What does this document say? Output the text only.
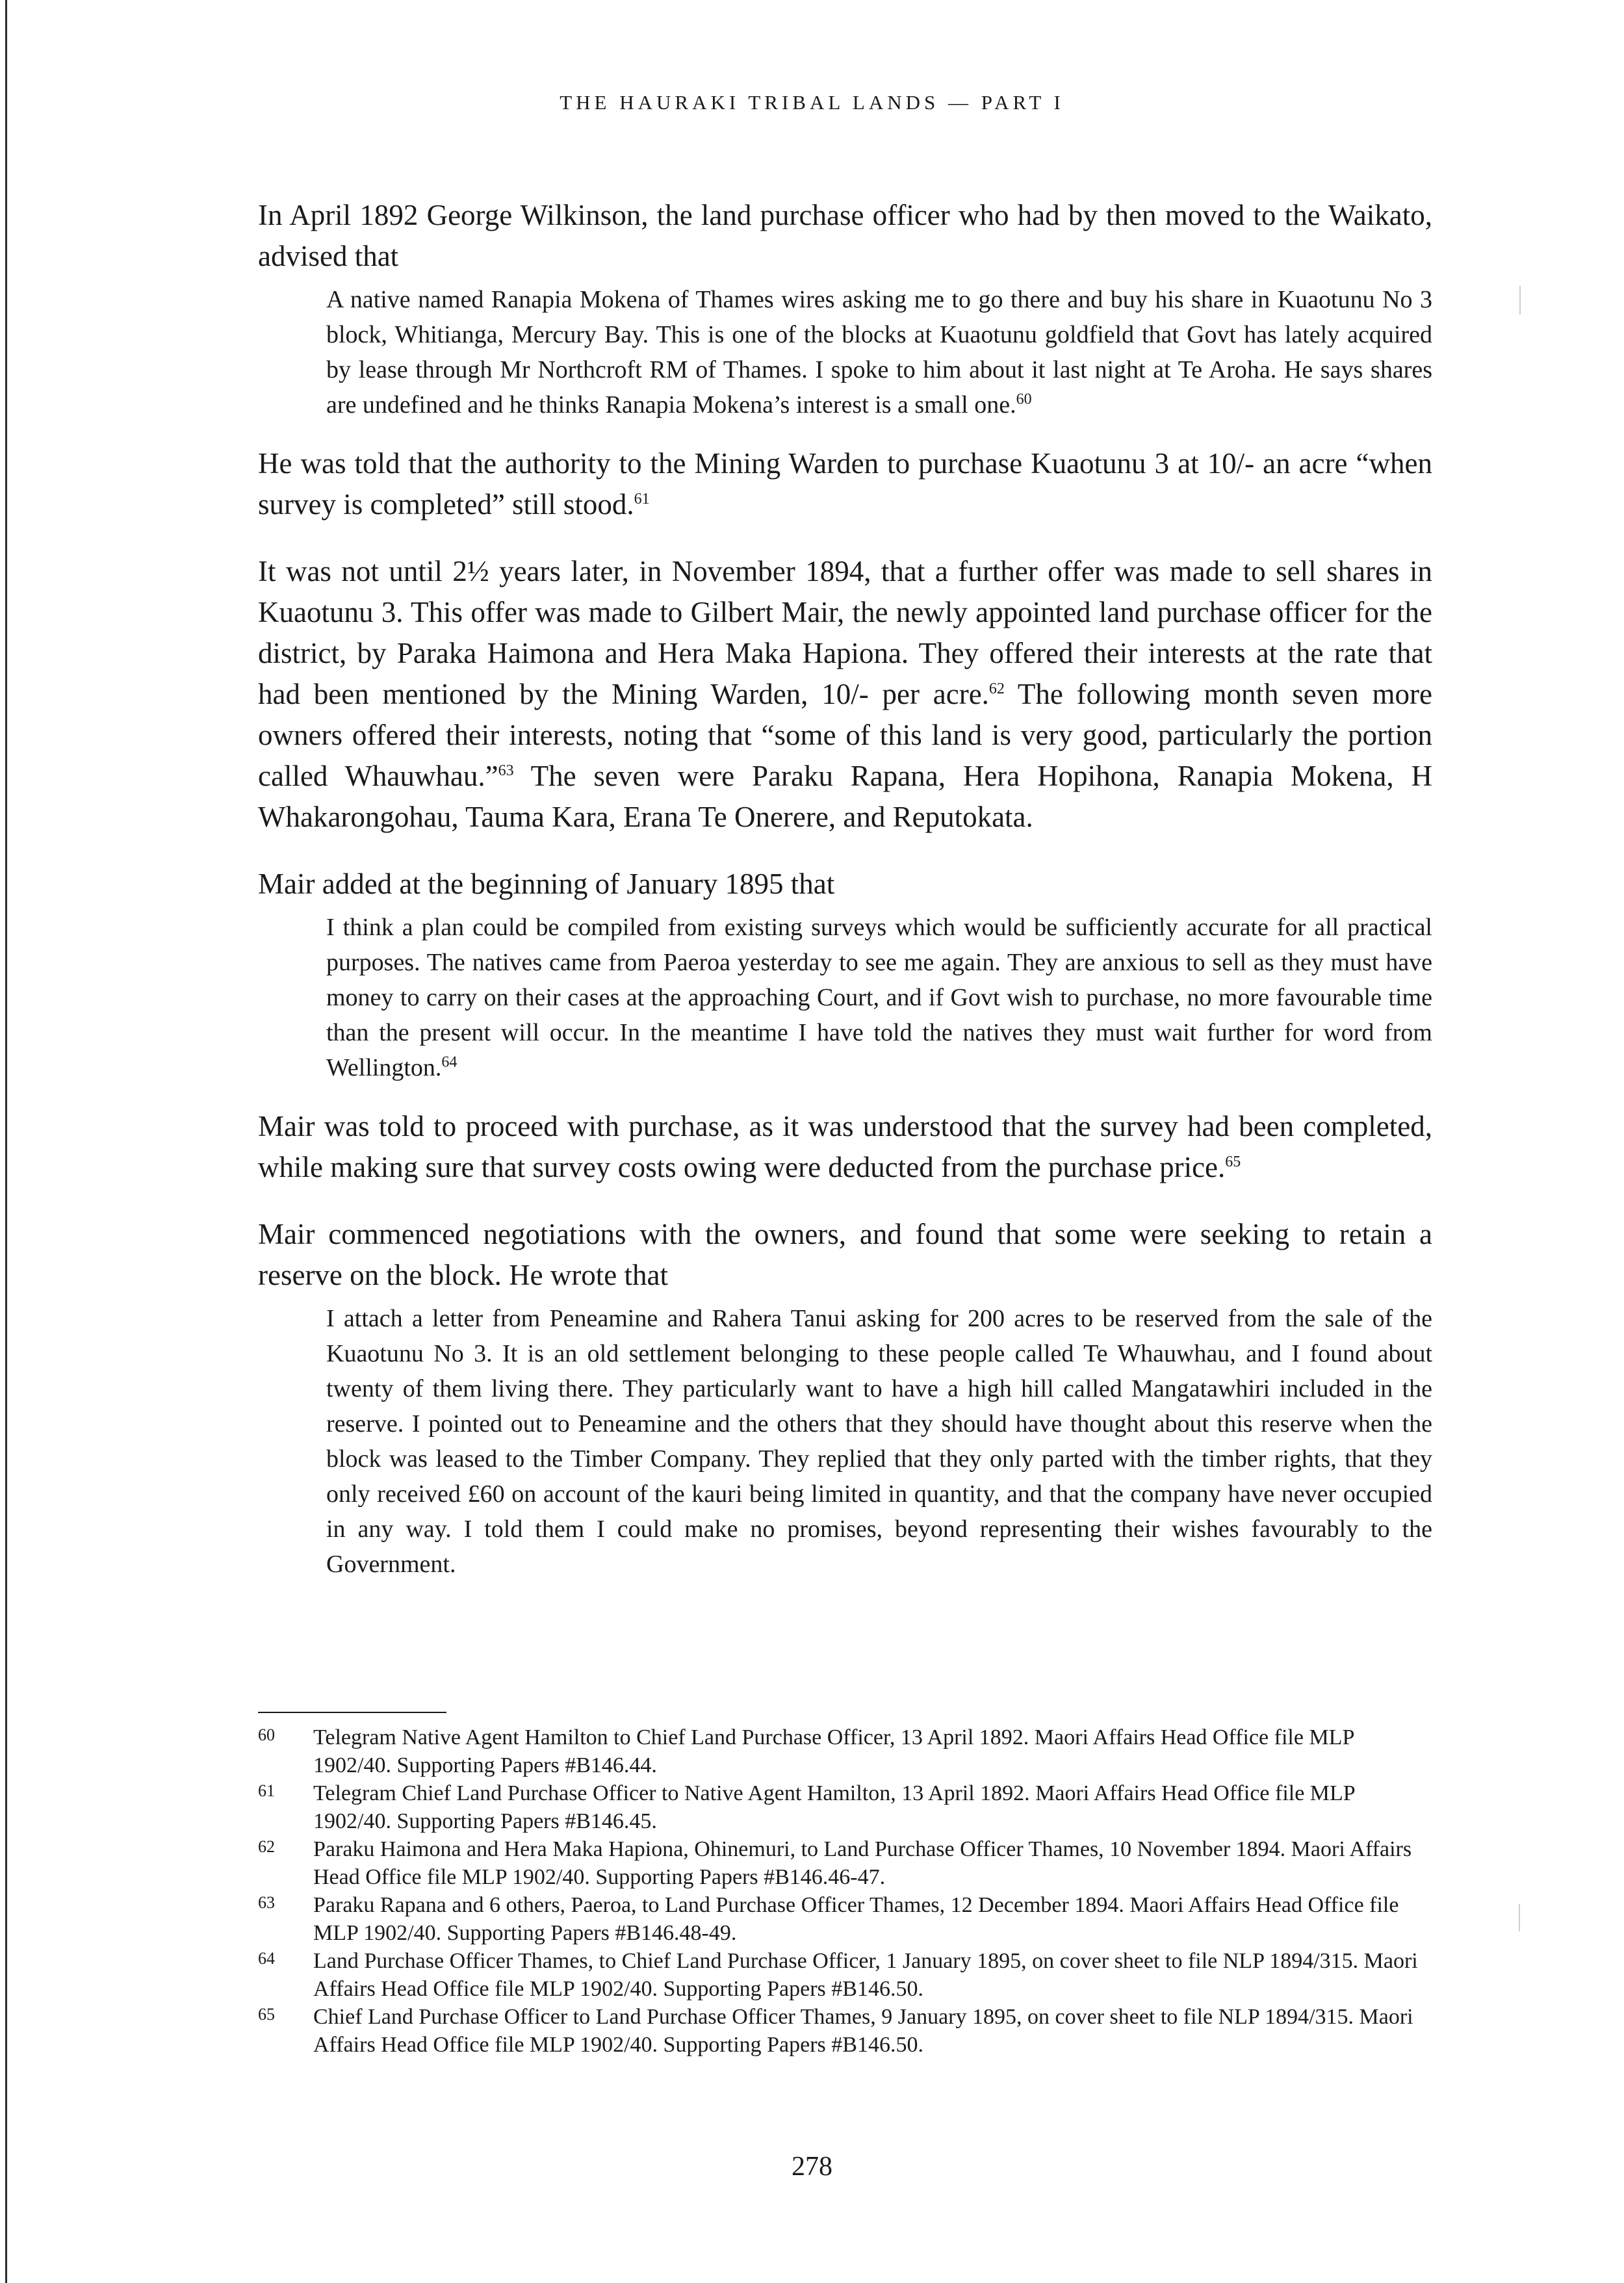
THE HAURAKI TRIBAL LANDS — PART I

In April 1892 George Wilkinson, the land purchase officer who had by then moved to the Waikato, advised that

A native named Ranapia Mokena of Thames wires asking me to go there and buy his share in Kuaotunu No 3 block, Whitianga, Mercury Bay. This is one of the blocks at Kuaotunu goldfield that Govt has lately acquired by lease through Mr Northcroft RM of Thames. I spoke to him about it last night at Te Aroha. He says shares are undefined and he thinks Ranapia Mokena’s interest is a small one.$^{60}$

He was told that the authority to the Mining Warden to purchase Kuaotunu 3 at 10/- an acre “when survey is completed” still stood.$^{61}$

It was not until 2½ years later, in November 1894, that a further offer was made to sell shares in Kuaotunu 3. This offer was made to Gilbert Mair, the newly appointed land purchase officer for the district, by Paraka Haimona and Hera Maka Hapiona. They offered their interests at the rate that had been mentioned by the Mining Warden, 10/- per acre.$^{62}$ The following month seven more owners offered their interests, noting that “some of this land is very good, particularly the portion called Whauwhau.”$^{63}$ The seven were Paraku Rapana, Hera Hopihona, Ranapia Mokena, H Whakarongohau, Tauma Kara, Erana Te Onerere, and Reputokata.

Mair added at the beginning of January 1895 that

I think a plan could be compiled from existing surveys which would be sufficiently accurate for all practical purposes. The natives came from Paeroa yesterday to see me again. They are anxious to sell as they must have money to carry on their cases at the approaching Court, and if Govt wish to purchase, no more favourable time than the present will occur. In the meantime I have told the natives they must wait further for word from Wellington.$^{64}$

Mair was told to proceed with purchase, as it was understood that the survey had been completed, while making sure that survey costs owing were deducted from the purchase price.$^{65}$

Mair commenced negotiations with the owners, and found that some were seeking to retain a reserve on the block. He wrote that

I attach a letter from Peneamine and Rahera Tanui asking for 200 acres to be reserved from the sale of the Kuaotunu No 3. It is an old settlement belonging to these people called Te Whauwhau, and I found about twenty of them living there. They particularly want to have a high hill called Mangatawhiri included in the reserve. I pointed out to Peneamine and the others that they should have thought about this reserve when the block was leased to the Timber Company. They replied that they only parted with the timber rights, that they only received £60 on account of the kauri being limited in quantity, and that the company have never occupied in any way. I told them I could make no promises, beyond representing their wishes favourably to the Government.

60	Telegram Native Agent Hamilton to Chief Land Purchase Officer, 13 April 1892. Maori Affairs Head Office file MLP 1902/40. Supporting Papers #B146.44.
61	Telegram Chief Land Purchase Officer to Native Agent Hamilton, 13 April 1892. Maori Affairs Head Office file MLP 1902/40. Supporting Papers #B146.45.
62	Paraku Haimona and Hera Maka Hapiona, Ohinemuri, to Land Purchase Officer Thames, 10 November 1894. Maori Affairs Head Office file MLP 1902/40. Supporting Papers #B146.46-47.
63	Paraku Rapana and 6 others, Paeroa, to Land Purchase Officer Thames, 12 December 1894. Maori Affairs Head Office file MLP 1902/40. Supporting Papers #B146.48-49.
64	Land Purchase Officer Thames, to Chief Land Purchase Officer, 1 January 1895, on cover sheet to file NLP 1894/315. Maori Affairs Head Office file MLP 1902/40. Supporting Papers #B146.50.
65	Chief Land Purchase Officer to Land Purchase Officer Thames, 9 January 1895, on cover sheet to file NLP 1894/315. Maori Affairs Head Office file MLP 1902/40. Supporting Papers #B146.50.
278
